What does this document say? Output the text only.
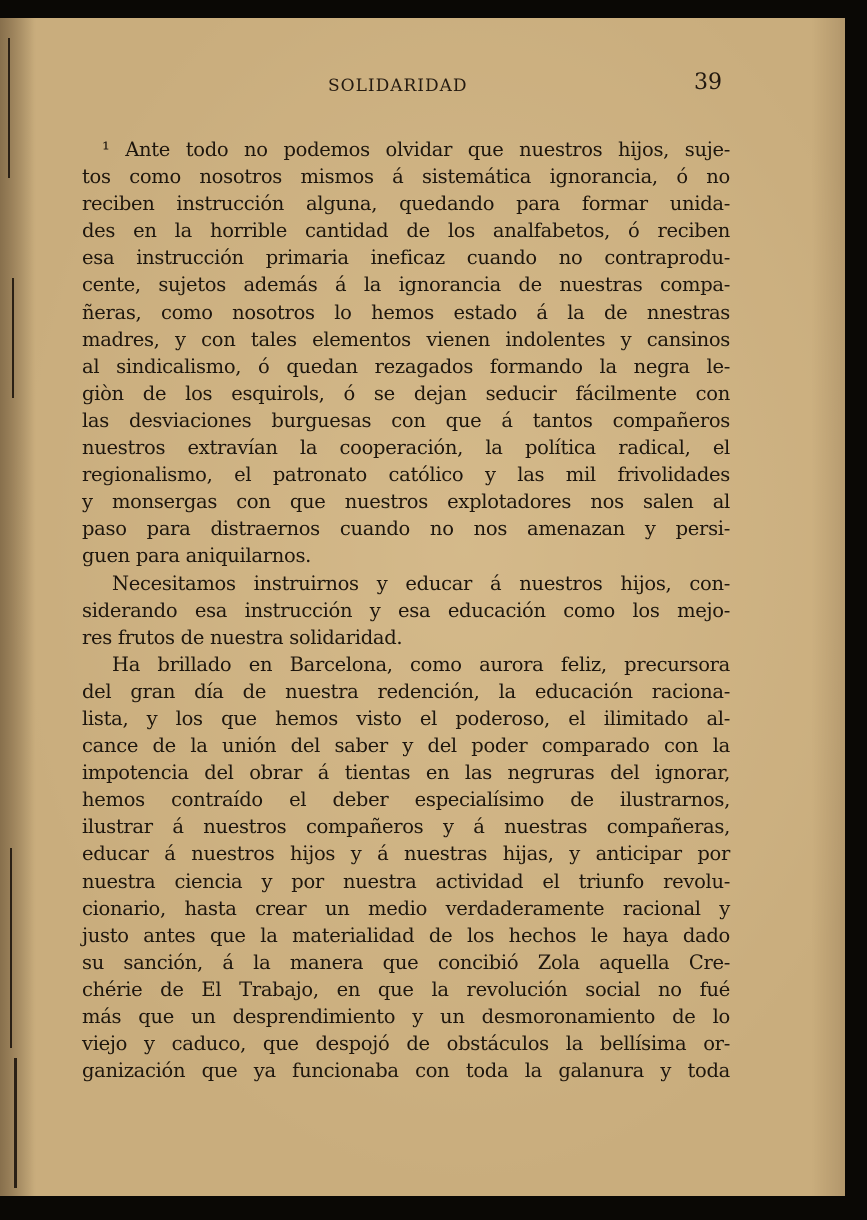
SOLIDARIDAD	39
¹ Ante todo no podemos olvidar que nuestros hijos, suje-
tos como nosotros mismos á sistemática ignorancia, ó no
reciben instrucción alguna, quedando para formar unida-
des en la horrible cantidad de los analfabetos, ó reciben
esa instrucción primaria ineficaz cuando no contraprodu-
cente, sujetos además á la ignorancia de nuestras compa-
ñeras, como nosotros lo hemos estado á la de nnestras
madres, y con tales elementos vienen indolentes y cansinos
al sindicalismo, ó quedan rezagados formando la negra le-
giòn de los esquirols, ó se dejan seducir fácilmente con
las desviaciones burguesas con que á tantos compañeros
nuestros extravían la cooperación, la política radical, el
regionalismo, el patronato católico y las mil frivolidades
y monsergas con que nuestros explotadores nos salen al
paso para distraernos cuando no nos amenazan y persi-
guen para aniquilarnos.
Necesitamos instruirnos y educar á nuestros hijos, con-
siderando esa instrucción y esa educación como los mejo-
res frutos de nuestra solidaridad.
Ha brillado en Barcelona, como aurora feliz, precursora
del gran día de nuestra redención, la educación raciona-
lista, y los que hemos visto el poderoso, el ilimitado al-
cance de la unión del saber y del poder comparado con la
impotencia del obrar á tientas en las negruras del ignorar,
hemos contraído el deber especialísimo de ilustrarnos,
ilustrar á nuestros compañeros y á nuestras compañeras,
educar á nuestros hijos y á nuestras hijas, y anticipar por
nuestra ciencia y por nuestra actividad el triunfo revolu-
cionario, hasta crear un medio verdaderamente racional y
justo antes que la materialidad de los hechos le haya dado
su sanción, á la manera que concibió Zola aquella Cre-
chérie de El Trabajo, en que la revolución social no fué
más que un desprendimiento y un desmoronamiento de lo
viejo y caduco, que despojó de obstáculos la bellísima or-
ganización que ya funcionaba con toda la galanura y toda
